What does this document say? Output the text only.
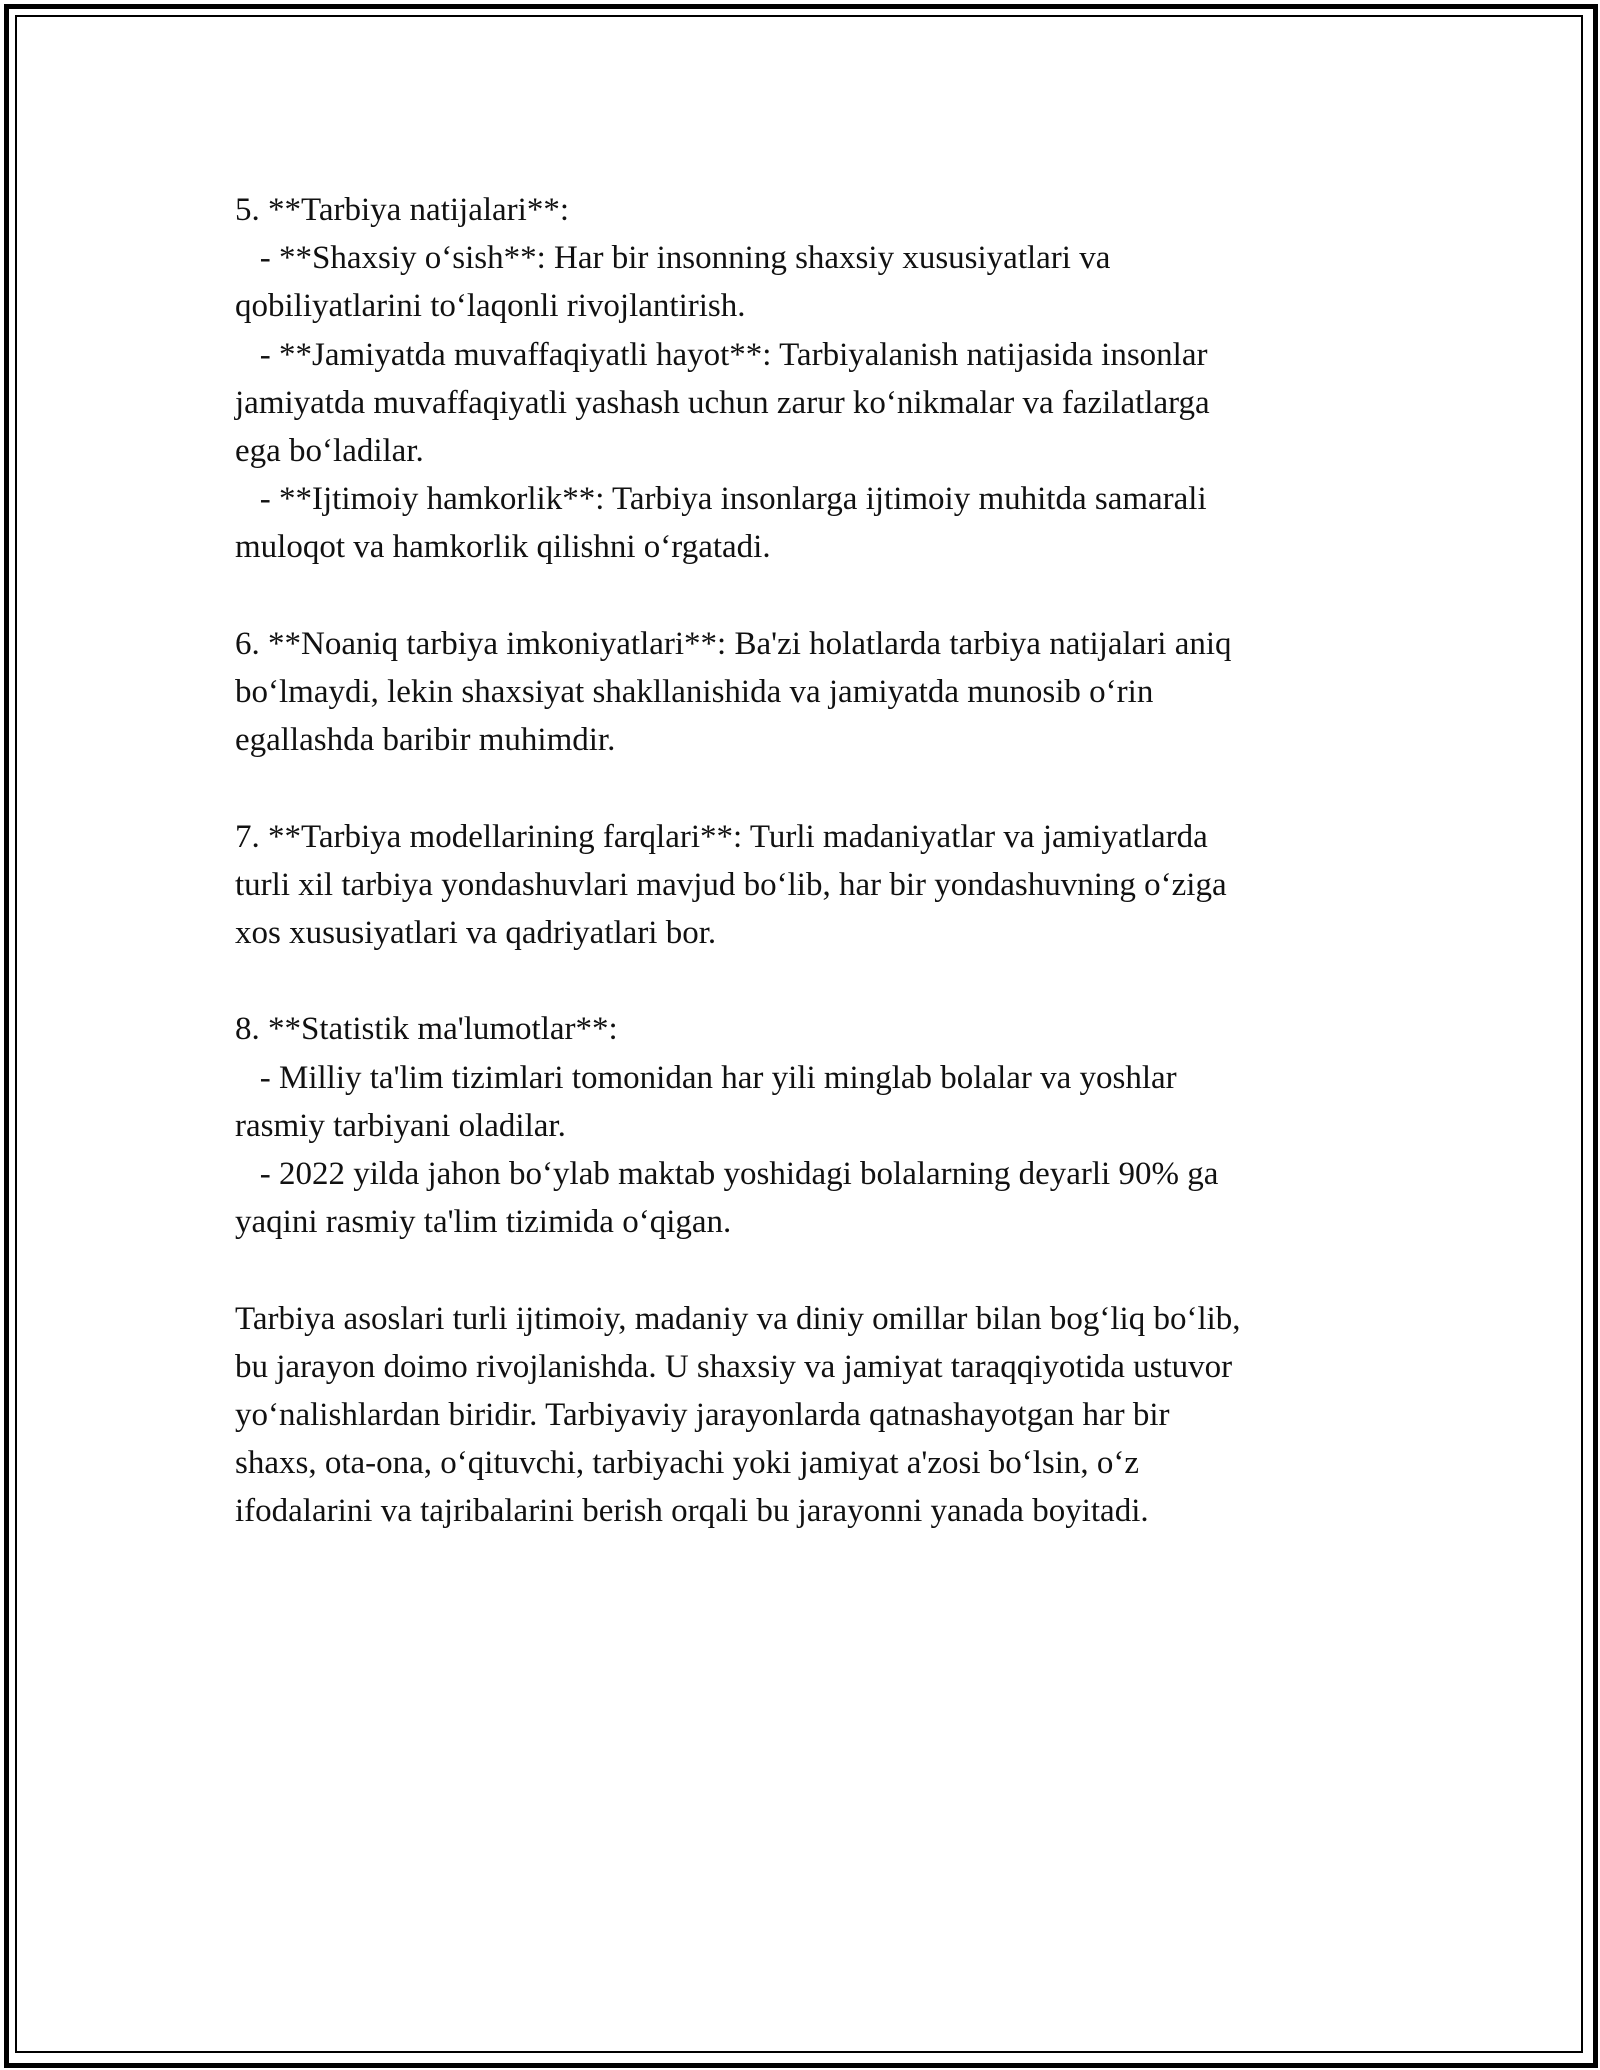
5. **Tarbiya natijalari**:
- **Shaxsiy o‘sish**: Har bir insonning shaxsiy xususiyatlari va
qobiliyatlarini to‘laqonli rivojlantirish.
- **Jamiyatda muvaffaqiyatli hayot**: Tarbiyalanish natijasida insonlar
jamiyatda muvaffaqiyatli yashash uchun zarur ko‘nikmalar va fazilatlarga
ega bo‘ladilar.
- **Ijtimoiy hamkorlik**: Tarbiya insonlarga ijtimoiy muhitda samarali
muloqot va hamkorlik qilishni o‘rgatadi.
6. **Noaniq tarbiya imkoniyatlari**: Ba'zi holatlarda tarbiya natijalari aniq
bo‘lmaydi, lekin shaxsiyat shakllanishida va jamiyatda munosib o‘rin
egallashda baribir muhimdir.
7. **Tarbiya modellarining farqlari**: Turli madaniyatlar va jamiyatlarda
turli xil tarbiya yondashuvlari mavjud bo‘lib, har bir yondashuvning o‘ziga
xos xususiyatlari va qadriyatlari bor.
8. **Statistik ma'lumotlar**:
- Milliy ta'lim tizimlari tomonidan har yili minglab bolalar va yoshlar
rasmiy tarbiyani oladilar.
- 2022 yilda jahon bo‘ylab maktab yoshidagi bolalarning deyarli 90% ga
yaqini rasmiy ta'lim tizimida o‘qigan.
Tarbiya asoslari turli ijtimoiy, madaniy va diniy omillar bilan bog‘liq bo‘lib,
bu jarayon doimo rivojlanishda. U shaxsiy va jamiyat taraqqiyotida ustuvor
yo‘nalishlardan biridir. Tarbiyaviy jarayonlarda qatnashayotgan har bir
shaxs, ota-ona, o‘qituvchi, tarbiyachi yoki jamiyat a'zosi bo‘lsin, o‘z
ifodalarini va tajribalarini berish orqali bu jarayonni yanada boyitadi.
